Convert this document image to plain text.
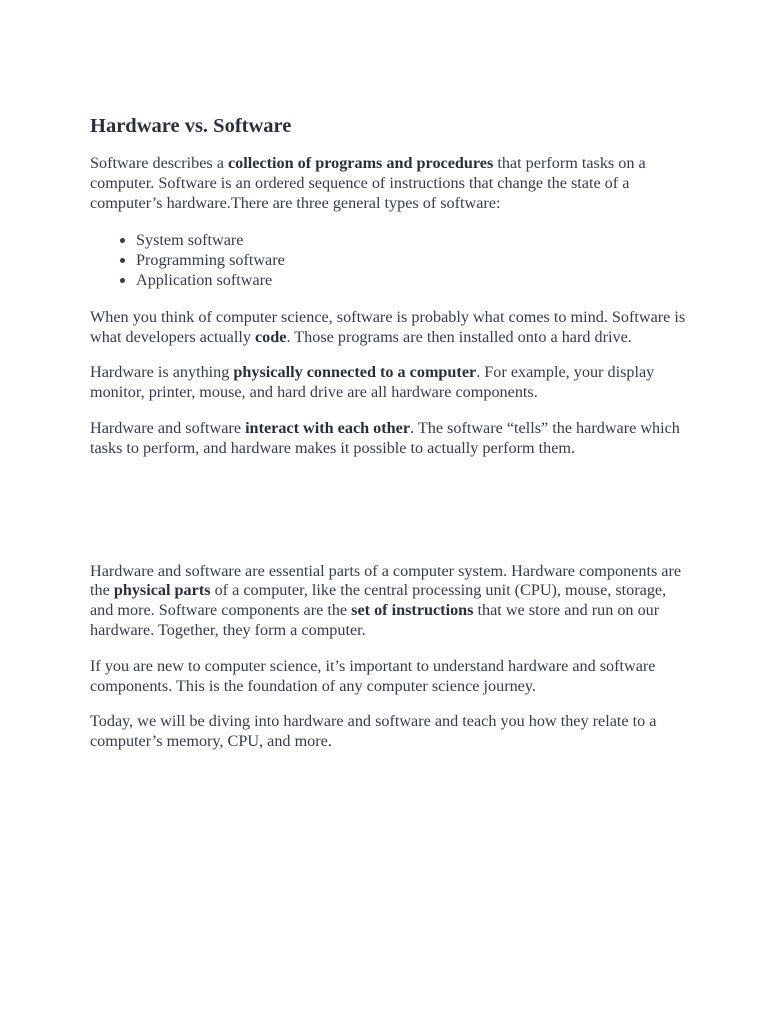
Hardware vs. Software

Software describes a collection of programs and procedures that perform tasks on a computer. Software is an ordered sequence of instructions that change the state of a computer’s hardware.There are three general types of software:

• System software
• Programming software
• Application software

When you think of computer science, software is probably what comes to mind. Software is what developers actually code. Those programs are then installed onto a hard drive.

Hardware is anything physically connected to a computer. For example, your display monitor, printer, mouse, and hard drive are all hardware components.

Hardware and software interact with each other. The software “tells” the hardware which tasks to perform, and hardware makes it possible to actually perform them.

Hardware and software are essential parts of a computer system. Hardware components are the physical parts of a computer, like the central processing unit (CPU), mouse, storage, and more. Software components are the set of instructions that we store and run on our hardware. Together, they form a computer.

If you are new to computer science, it’s important to understand hardware and software components. This is the foundation of any computer science journey.

Today, we will be diving into hardware and software and teach you how they relate to a computer’s memory, CPU, and more.
